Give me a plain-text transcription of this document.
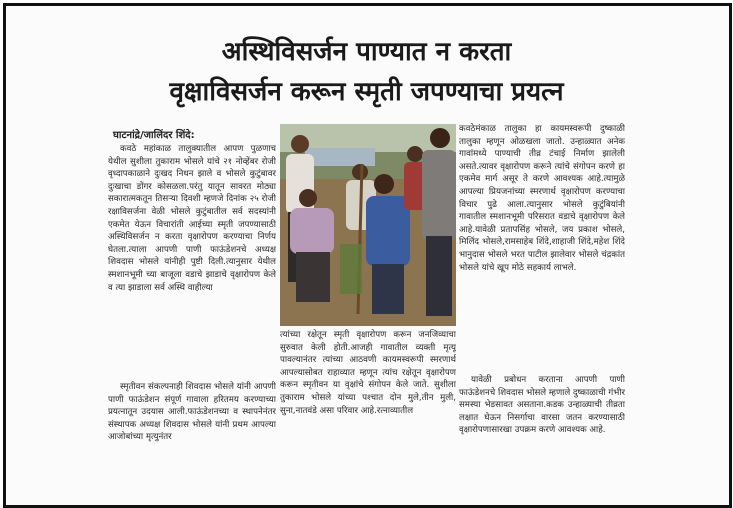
अस्थिविसर्जन पाण्यात न करता
वृक्षाविसर्जन करून स्मृती जपण्याचा प्रयत्न
घाटनांद्रे/जालिंदर शिंदे:

कवठे महांकाळ तालुक्यातील आपण पुळणाच येथील सुशीला तुकाराम भोसले यांचे २१ नोव्हेंबर रोजी वृध्दापकाळाने दुःखद निधन झाले व भोसले कुटुंबावर दुःखाचा डोंगर कोसळला.परंतु यातून सावरत मोठ्या सकारात्मकतून तिसऱ्या दिवशी म्हणजे दिनांक २५ रोजी रक्षाविसर्जना वेळी भोसले कुटुंबातील सर्व सदस्यांनी एकमेत येऊन विचारांती आईच्या स्मृती जपण्यासाठी अस्थिविसर्जन न करता वृक्षारोपण करण्याचा निर्णय घेतला.त्याला आपणी पाणी फाऊंडेशनचे अध्यक्ष शिवदास भोसले यांनीही पुष्टी दिली.त्यानुसार येथील स्मशानभूमी च्या बाजूला वडाचे झाडाचे वृक्षारोपण केले व त्या झाडाला सर्व अस्थि वाहील्या

स्मृतीवन संकल्पनाही शिवदास भोसले यांनी आपणी पाणी फाऊंडेशन संपूर्ण गावाला हरितमय करण्याच्या प्रयत्नातून उदयास आली.फाऊंडेशनच्या व स्थापनेनंतर संस्थापक अध्यक्ष शिवदास भोसले यांनी प्रथम आपल्या आजोबांच्या मृत्युनंतर

त्यांच्या रक्षेतून स्मृती वृक्षारोपण करून जनजिव्याचा सुरुवात केली होती.आजही गावातील व्यक्ती मृत्यू पावल्यानंतर त्यांच्या आठवणी कायमस्वरूपी स्मरणार्थ आपल्यासोबत राहाव्यात म्हणून त्यांच रक्षेतून वृक्षारोपण करून स्मृतीवन या वृक्षांचे संगोपन केले जाते. सुशीला तुकाराम भोसले यांच्या पश्चात दोन मुले,तीन मुली, सुना,नातवंडे असा परिवार आहे.रत्नाव्यातील

कवठेमंकाळ तालुका हा कायमस्वरूपी दुष्काळी तालुका म्हणून ओळखला जातो. उन्हाळ्यात अनेक गावांमध्ये पाण्याची तीव्र टंचाई निर्माण झालेली असते.त्यावर वृक्षारोपण करूने त्यांचे संगोपन करणे हा एकमेव मार्ग असूर ते करणे आवश्यक आहे.त्यामुळे आपल्या प्रियजनांच्या स्मरणार्थ वृक्षारोपण करण्याचा विचार पुढे आला.त्यानुसार भोसले कुटुंबियांनी गावातील स्मशानभूमी परिसरात वडाचे वृक्षारोपण केले आहे.यावेळी प्रतापसिंह भोसले, जय प्रकाश भोसले, मिलिंद भोसले,रामसाहेब शिंदे,शाहाजी शिंदे,महेश शिंदे भानुदास भोसले भरत पाटील झालेवार भोसले चंद्रकांत भोसले यांचे खूप मोठे सहकार्य लाभले.

यावेळी प्रबोधन करताना आपणी पाणी फाऊंडेशनचे शिवदास भोसले म्हणाले दुष्काळाची गंभीर समस्या भेडसावत असताना.कडक उन्हाळ्याची तीव्रता लक्षात घेऊन निसर्गाचा वारसा जतन करण्यासाठी वृक्षारोपणासारखा उपक्रम करणे आवश्यक आहे.
